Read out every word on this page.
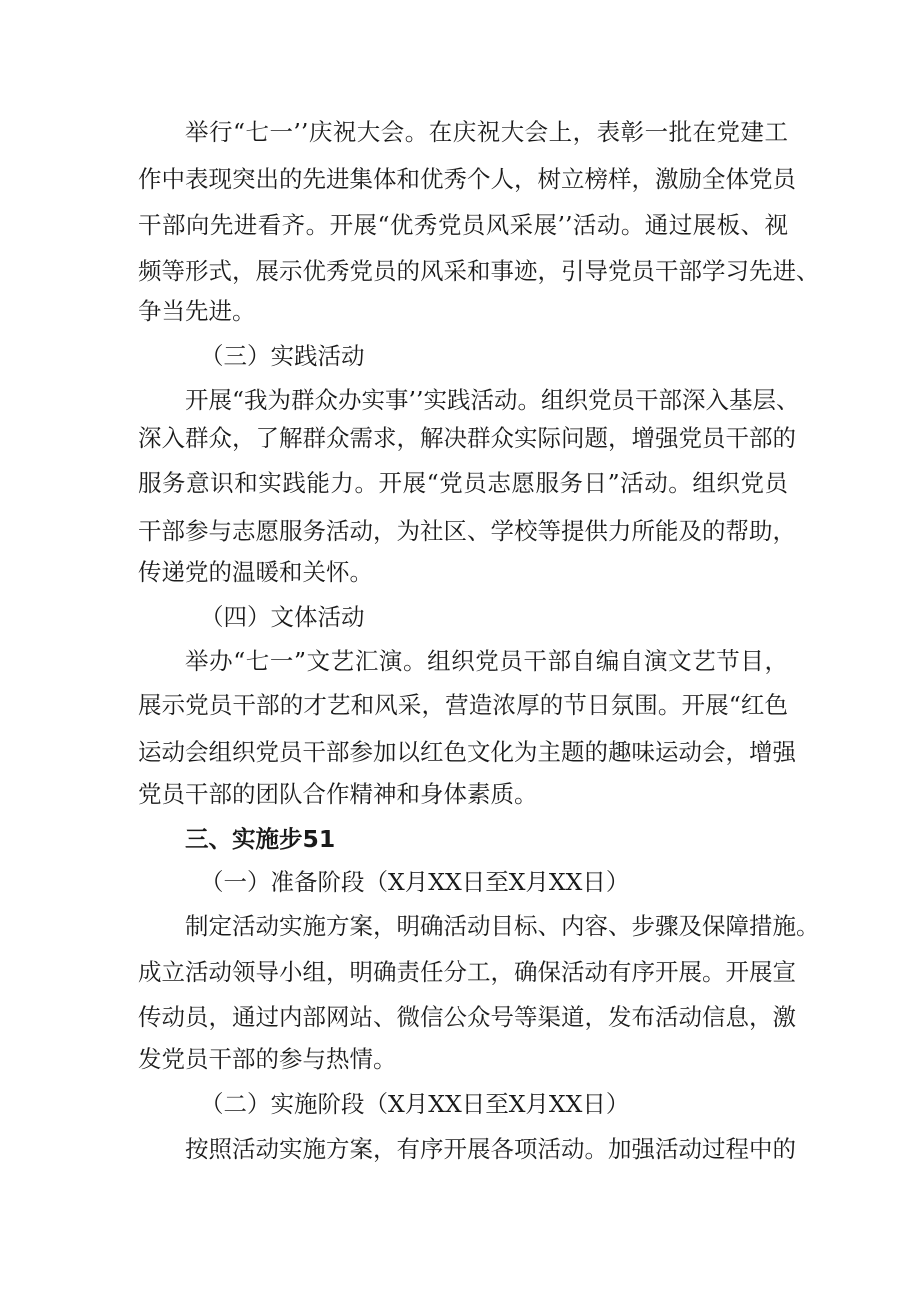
举行“七一’’庆祝大会。在庆祝大会上，表彰一批在党建工
作中表现突出的先进集体和优秀个人，树立榜样，激励全体党员
干部向先进看齐。开展“优秀党员风采展’’活动。通过展板、视
频等形式，展示优秀党员的风采和事迹，引导党员干部学习先进、
争当先进。
（三）实践活动
开展“我为群众办实事’’实践活动。组织党员干部深入基层、
深入群众，了解群众需求，解决群众实际问题，增强党员干部的
服务意识和实践能力。开展“党员志愿服务日”活动。组织党员
干部参与志愿服务活动，为社区、学校等提供力所能及的帮助，
传递党的温暖和关怀。
（四）文体活动
举办“七一”文艺汇演。组织党员干部自编自演文艺节目，
展示党员干部的才艺和风采，营造浓厚的节日氛围。开展“红色
运动会组织党员干部参加以红色文化为主题的趣味运动会，增强
党员干部的团队合作精神和身体素质。
三、实施步51
（一）准备阶段（X月XX日至X月XX日）
制定活动实施方案，明确活动目标、内容、步骤及保障措施。
成立活动领导小组，明确责任分工，确保活动有序开展。开展宣
传动员，通过内部网站、微信公众号等渠道，发布活动信息，激
发党员干部的参与热情。
（二）实施阶段（X月XX日至X月XX日）
按照活动实施方案，有序开展各项活动。加强活动过程中的
